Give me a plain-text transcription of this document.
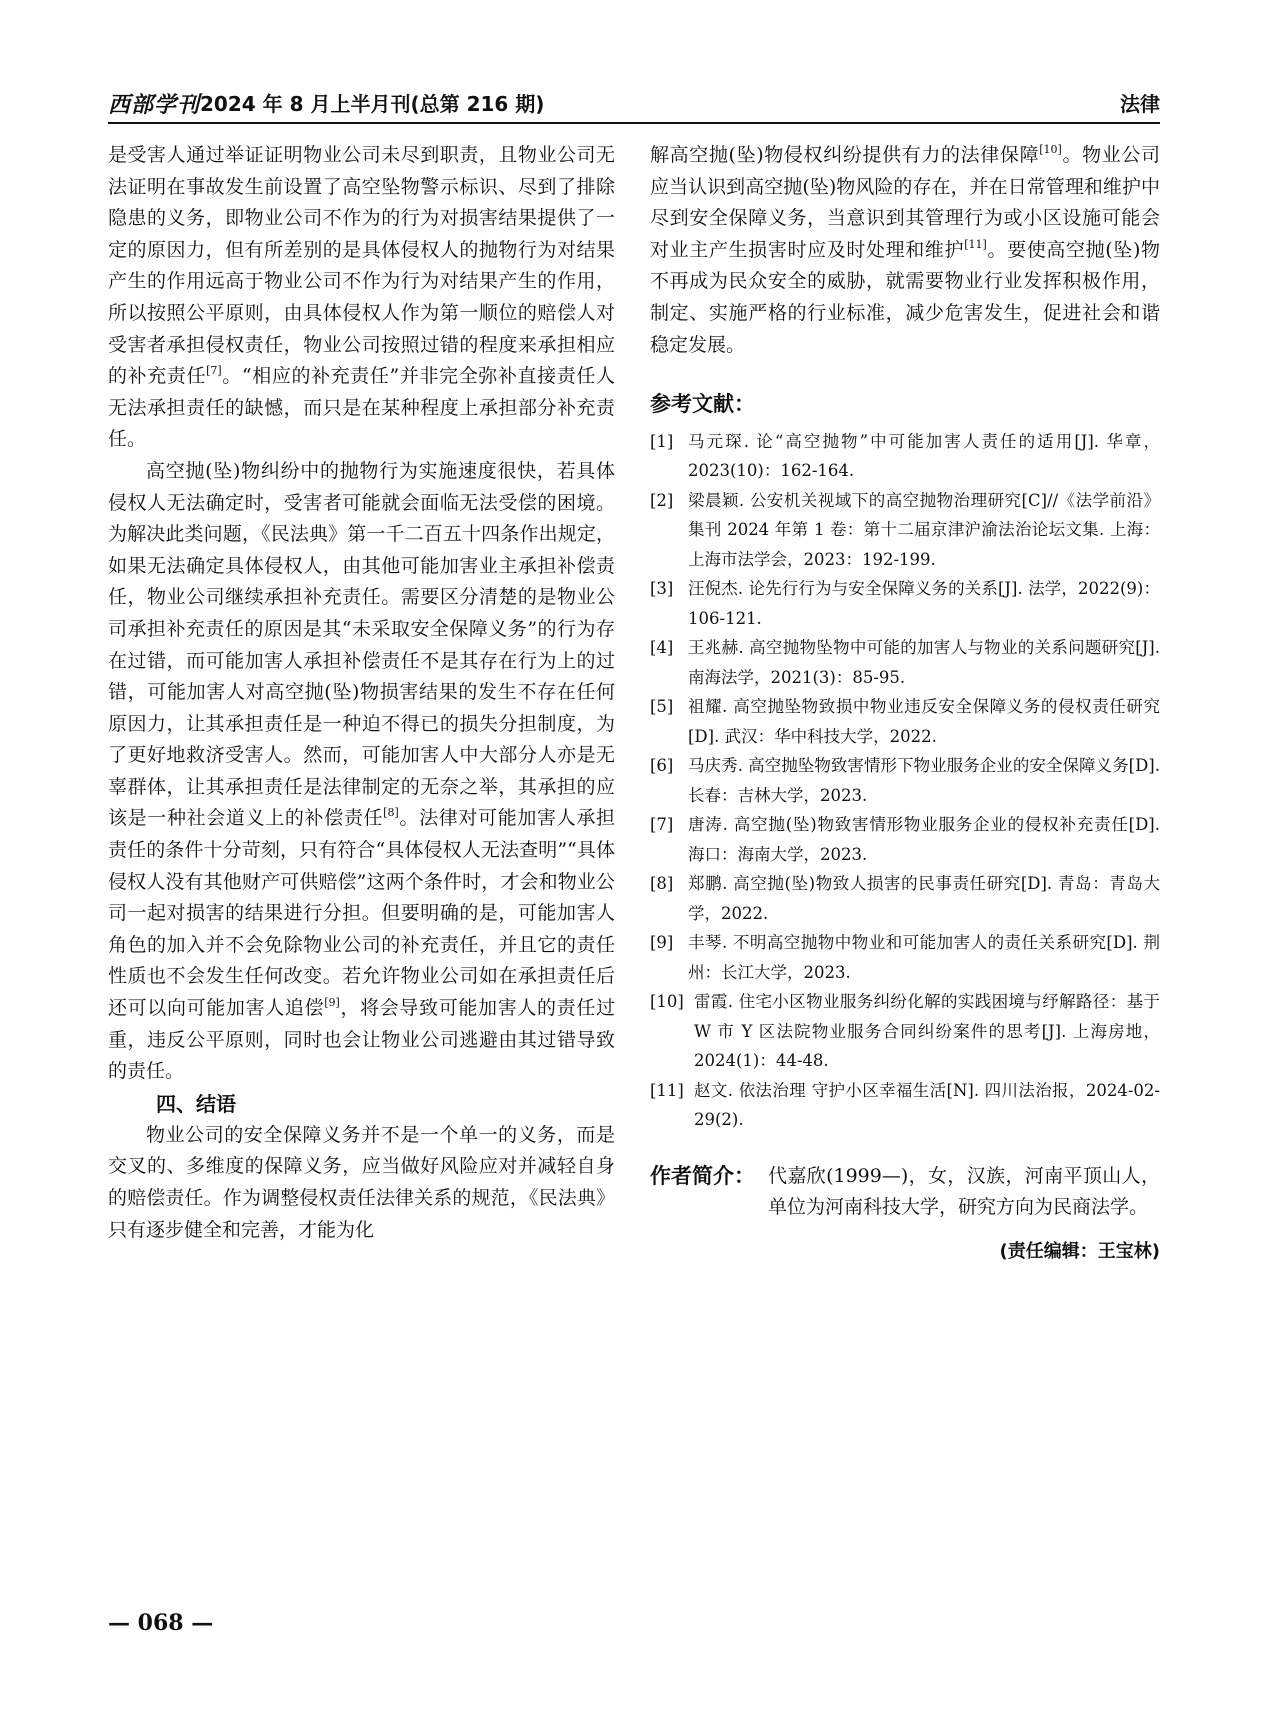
西部学刊 2024 年 8 月上半月刊(总第 216 期)	法律

是受害人通过举证证明物业公司未尽到职责，且物业公司无法证明在事故发生前设置了高空坠物警示标识、尽到了排除隐患的义务，即物业公司不作为的行为对损害结果提供了一定的原因力，但有所差别的是具体侵权人的抛物行为对结果产生的作用远高于物业公司不作为行为对结果产生的作用，所以按照公平原则，由具体侵权人作为第一顺位的赔偿人对受害者承担侵权责任，物业公司按照过错的程度来承担相应的补充责任[7]。“相应的补充责任”并非完全弥补直接责任人无法承担责任的缺憾，而只是在某种程度上承担部分补充责任。

高空抛(坠)物纠纷中的抛物行为实施速度很快，若具体侵权人无法确定时，受害者可能就会面临无法受偿的困境。为解决此类问题，《民法典》第一千二百五十四条作出规定，如果无法确定具体侵权人，由其他可能加害业主承担补偿责任，物业公司继续承担补充责任。需要区分清楚的是物业公司承担补充责任的原因是其“未采取安全保障义务”的行为存在过错，而可能加害人承担补偿责任不是其存在行为上的过错，可能加害人对高空抛(坠)物损害结果的发生不存在任何原因力，让其承担责任是一种迫不得已的损失分担制度，为了更好地救济受害人。然而，可能加害人中大部分人亦是无辜群体，让其承担责任是法律制定的无奈之举，其承担的应该是一种社会道义上的补偿责任[8]。法律对可能加害人承担责任的条件十分苛刻，只有符合“具体侵权人无法查明”“具体侵权人没有其他财产可供赔偿”这两个条件时，才会和物业公司一起对损害的结果进行分担。但要明确的是，可能加害人角色的加入并不会免除物业公司的补充责任，并且它的责任性质也不会发生任何改变。若允许物业公司如在承担责任后还可以向可能加害人追偿[9]，将会导致可能加害人的责任过重，违反公平原则，同时也会让物业公司逃避由其过错导致的责任。

四、结语

物业公司的安全保障义务并不是一个单一的义务，而是交叉的、多维度的保障义务，应当做好风险应对并减轻自身的赔偿责任。作为调整侵权责任法律关系的规范，《民法典》只有逐步健全和完善，才能为化

解高空抛(坠)物侵权纠纷提供有力的法律保障[10]。物业公司应当认识到高空抛(坠)物风险的存在，并在日常管理和维护中尽到安全保障义务，当意识到其管理行为或小区设施可能会对业主产生损害时应及时处理和维护[11]。要使高空抛(坠)物不再成为民众安全的威胁，就需要物业行业发挥积极作用，制定、实施严格的行业标准，减少危害发生，促进社会和谐稳定发展。

参考文献：
[1] 马元琛. 论“高空抛物”中可能加害人责任的适用[J]. 华章，2023(10)：162-164.
[2] 梁晨颖. 公安机关视域下的高空抛物治理研究[C]//《法学前沿》集刊 2024 年第 1 卷：第十二届京津沪渝法治论坛文集. 上海：上海市法学会，2023：192-199.
[3] 汪倪杰. 论先行行为与安全保障义务的关系[J]. 法学，2022(9)：106-121.
[4] 王兆赫. 高空抛物坠物中可能的加害人与物业的关系问题研究[J]. 南海法学，2021(3)：85-95.
[5] 祖耀. 高空抛坠物致损中物业违反安全保障义务的侵权责任研究[D]. 武汉：华中科技大学，2022.
[6] 马庆秀. 高空抛坠物致害情形下物业服务企业的安全保障义务[D]. 长春：吉林大学，2023.
[7] 唐涛. 高空抛(坠)物致害情形物业服务企业的侵权补充责任[D]. 海口：海南大学，2023.
[8] 郑鹏. 高空抛(坠)物致人损害的民事责任研究[D]. 青岛：青岛大学，2022.
[9] 丰琴. 不明高空抛物中物业和可能加害人的责任关系研究[D]. 荆州：长江大学，2023.
[10] 雷霞. 住宅小区物业服务纠纷化解的实践困境与纾解路径：基于 W 市 Y 区法院物业服务合同纠纷案件的思考[J]. 上海房地，2024(1)：44-48.
[11] 赵文. 依法治理 守护小区幸福生活[N]. 四川法治报，2024-02-29(2).
作者简介： 代嘉欣(1999—)，女，汉族，河南平顶山人，单位为河南科技大学，研究方向为民商法学。
(责任编辑：王宝林)
— 068 —
